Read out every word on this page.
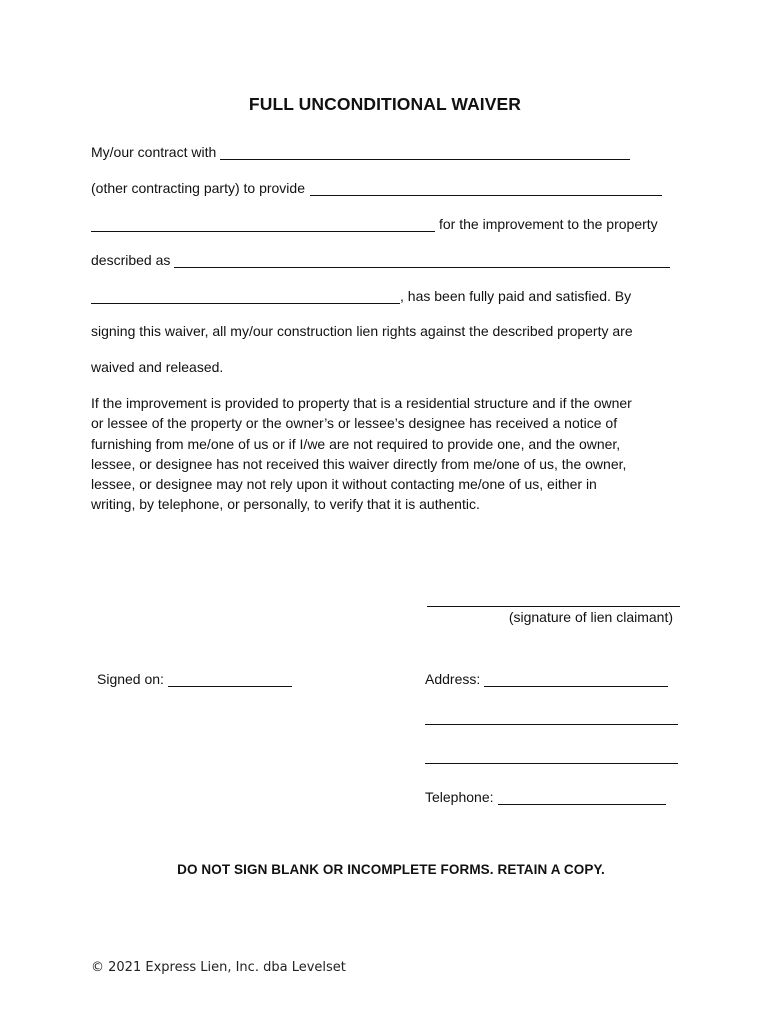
FULL UNCONDITIONAL WAIVER
My/our contract with
(other contracting party) to provide
for the improvement to the property
described as
, has been fully paid and satisfied. By
signing this waiver, all my/our construction lien rights against the described property are
waived and released.
If the improvement is provided to property that is a residential structure and if the owner
or lessee of the property or the owner’s or lessee’s designee has received a notice of
furnishing from me/one of us or if I/we are not required to provide one, and the owner,
lessee, or designee has not received this waiver directly from me/one of us, the owner,
lessee, or designee may not rely upon it without contacting me/one of us, either in
writing, by telephone, or personally, to verify that it is authentic.
(signature of lien claimant)
Signed on:	Address:
Telephone:
DO NOT SIGN BLANK OR INCOMPLETE FORMS. RETAIN A COPY.
© 2021 Express Lien, Inc. dba Levelset
